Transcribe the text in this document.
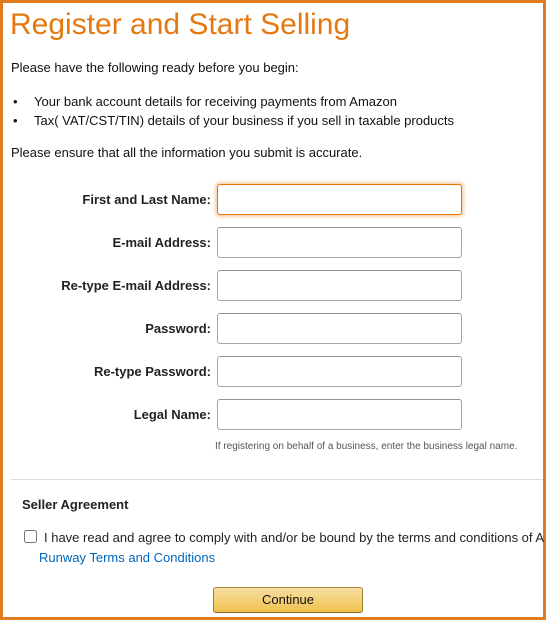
Register and Start Selling
Please have the following ready before you begin:
• Your bank account details for receiving payments from Amazon
• Tax( VAT/CST/TIN) details of your business if you sell in taxable products
Please ensure that all the information you submit is accurate.
First and Last Name:
E-mail Address:
Re-type E-mail Address:
Password:
Re-type Password:
Legal Name:
If registering on behalf of a business, enter the business legal name.
Seller Agreement
I have read and agree to comply with and/or be bound by the terms and conditions of A
Runway Terms and Conditions
Continue
